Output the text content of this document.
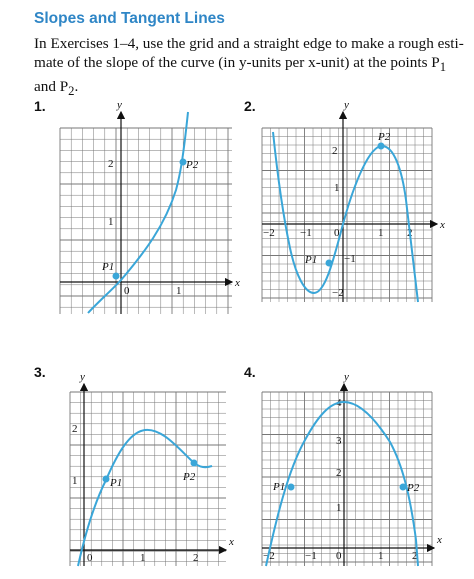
Slopes and Tangent Lines
In Exercises 1–4, use the grid and a straight edge to make a rough esti-
mate of the slope of the curve (in y-units per x-unit) at the points $P_1$
and $P_2$.
1.	2.
3.	4.
x
y
2
1
0	1
P1
P2
x
y
2
1
−2 −1 0	1 2
−1
−2
P1
P2
x
y
2
1
0	1	2
P1	P2
x
y
4
3
2
1
−2	−1 0	1	2
P1	P2
